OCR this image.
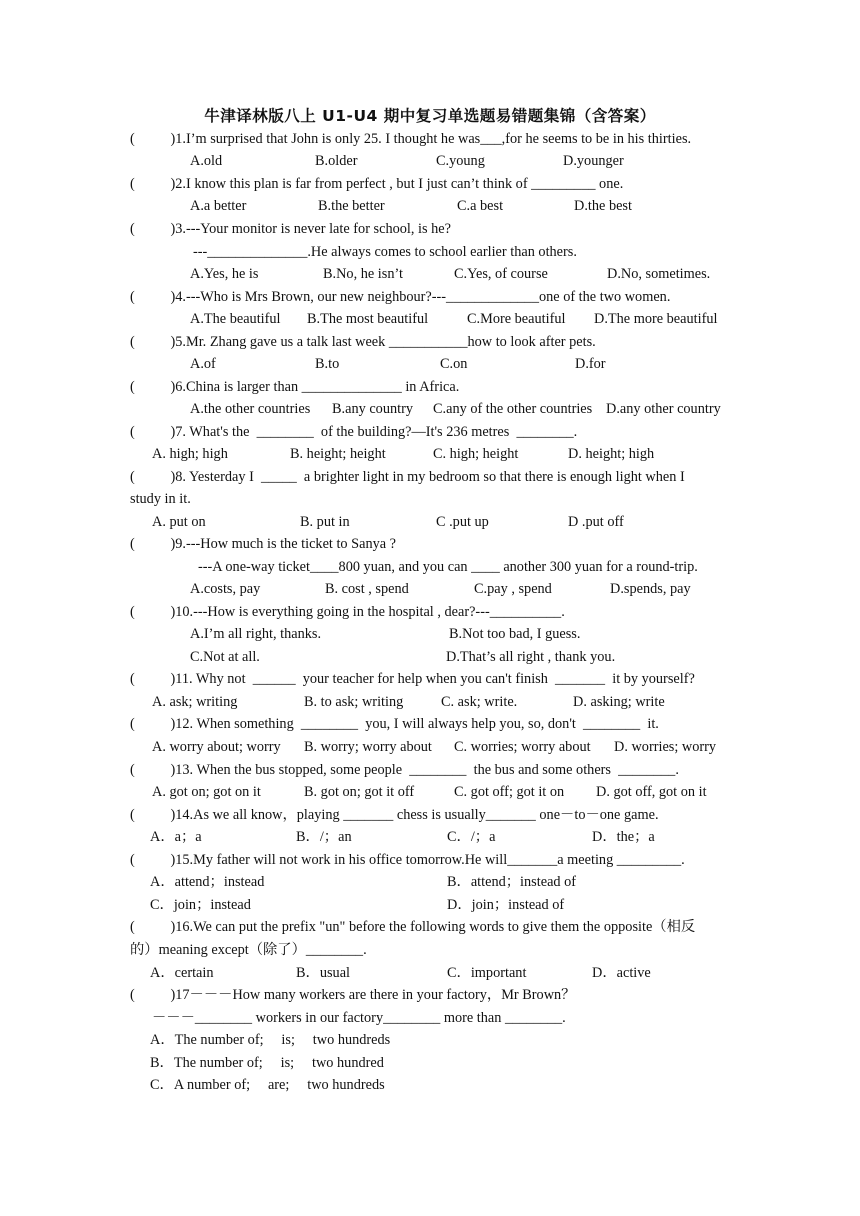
牛津译林版八上 U1-U4 期中复习单选题易错题集锦（含答案）
(          )1.I’m surprised that John is only 25. I thought he was___,for he seems to be in his thirties.
A.old	B.older	C.young	D.younger
(          )2.I know this plan is far from perfect , but I just can’t think of _________ one.
A.a better	B.the better	C.a best	D.the best
(          )3.---Your monitor is never late for school, is he?
---______________.He always comes to school earlier than others.
A.Yes, he is	B.No, he isn’t	C.Yes, of course	D.No, sometimes.
(          )4.---Who is Mrs Brown, our new neighbour?---_____________one of the two women.
A.The beautiful B.The most beautiful	C.More beautiful D.The more beautiful
(          )5.Mr. Zhang gave us a talk last week ___________how to look after pets.
A.of	B.to	C.on	D.for
(          )6.China is larger than ______________ in Africa.
A.the other countries B.any country C.any of the other countries D.any other country
(          )7. What's the  ________  of the building?—It's 236 metres  ________.
A. high; high	B. height; height	C. high; height	D. height; high
(          )8. Yesterday I  _____  a brighter light in my bedroom so that there is enough light when I
study in it.
A. put on	B. put in	C .put up	D .put off
(          )9.---How much is the ticket to Sanya ?
---A one-way ticket____800 yuan, and you can ____ another 300 yuan for a round-trip.
A.costs, pay	B. cost , spend	C.pay , spend	D.spends, pay
(          )10.---How is everything going in the hospital , dear?---__________.
A.I’m all right, thanks.	B.Not too bad, I guess.
C.Not at all.	D.That’s all right , thank you.
(          )11. Why not  ______  your teacher for help when you can't finish  _______  it by yourself?
A. ask; writing	B. to ask; writing	C. ask; write.	D. asking; write
(          )12. When something  ________  you, I will always help you, so, don't  ________  it.
A. worry about; worry B. worry; worry about C. worries; worry about D. worries; worry
(          )13. When the bus stopped, some people  ________  the bus and some others  ________.
A. got on; got on it	B. got on; got it off	C. got off; got it on D. got off, got on it
(          )14.As we all know，playing _______ chess is usually_______ one－to－one game.
A．a；a	B．/；an	C．/；a	D．the；a
(          )15.My father will not work in his office tomorrow.He will_______a meeting _________.
A．attend；instead	B．attend；instead of
C．join；instead	D．join；instead of
(          )16.We can put the prefix "un" before the following words to give them the opposite（相反
的）meaning except（除了）________.
A．certain	B．usual	C．important	D．active
(          )17－－－How many workers are there in your factory，Mr Brown？
－－－________ workers in our factory________ more than ________.
A．The number of;     is;     two hundreds
B．The number of;     is;     two hundred
C．A number of;     are;     two hundreds
